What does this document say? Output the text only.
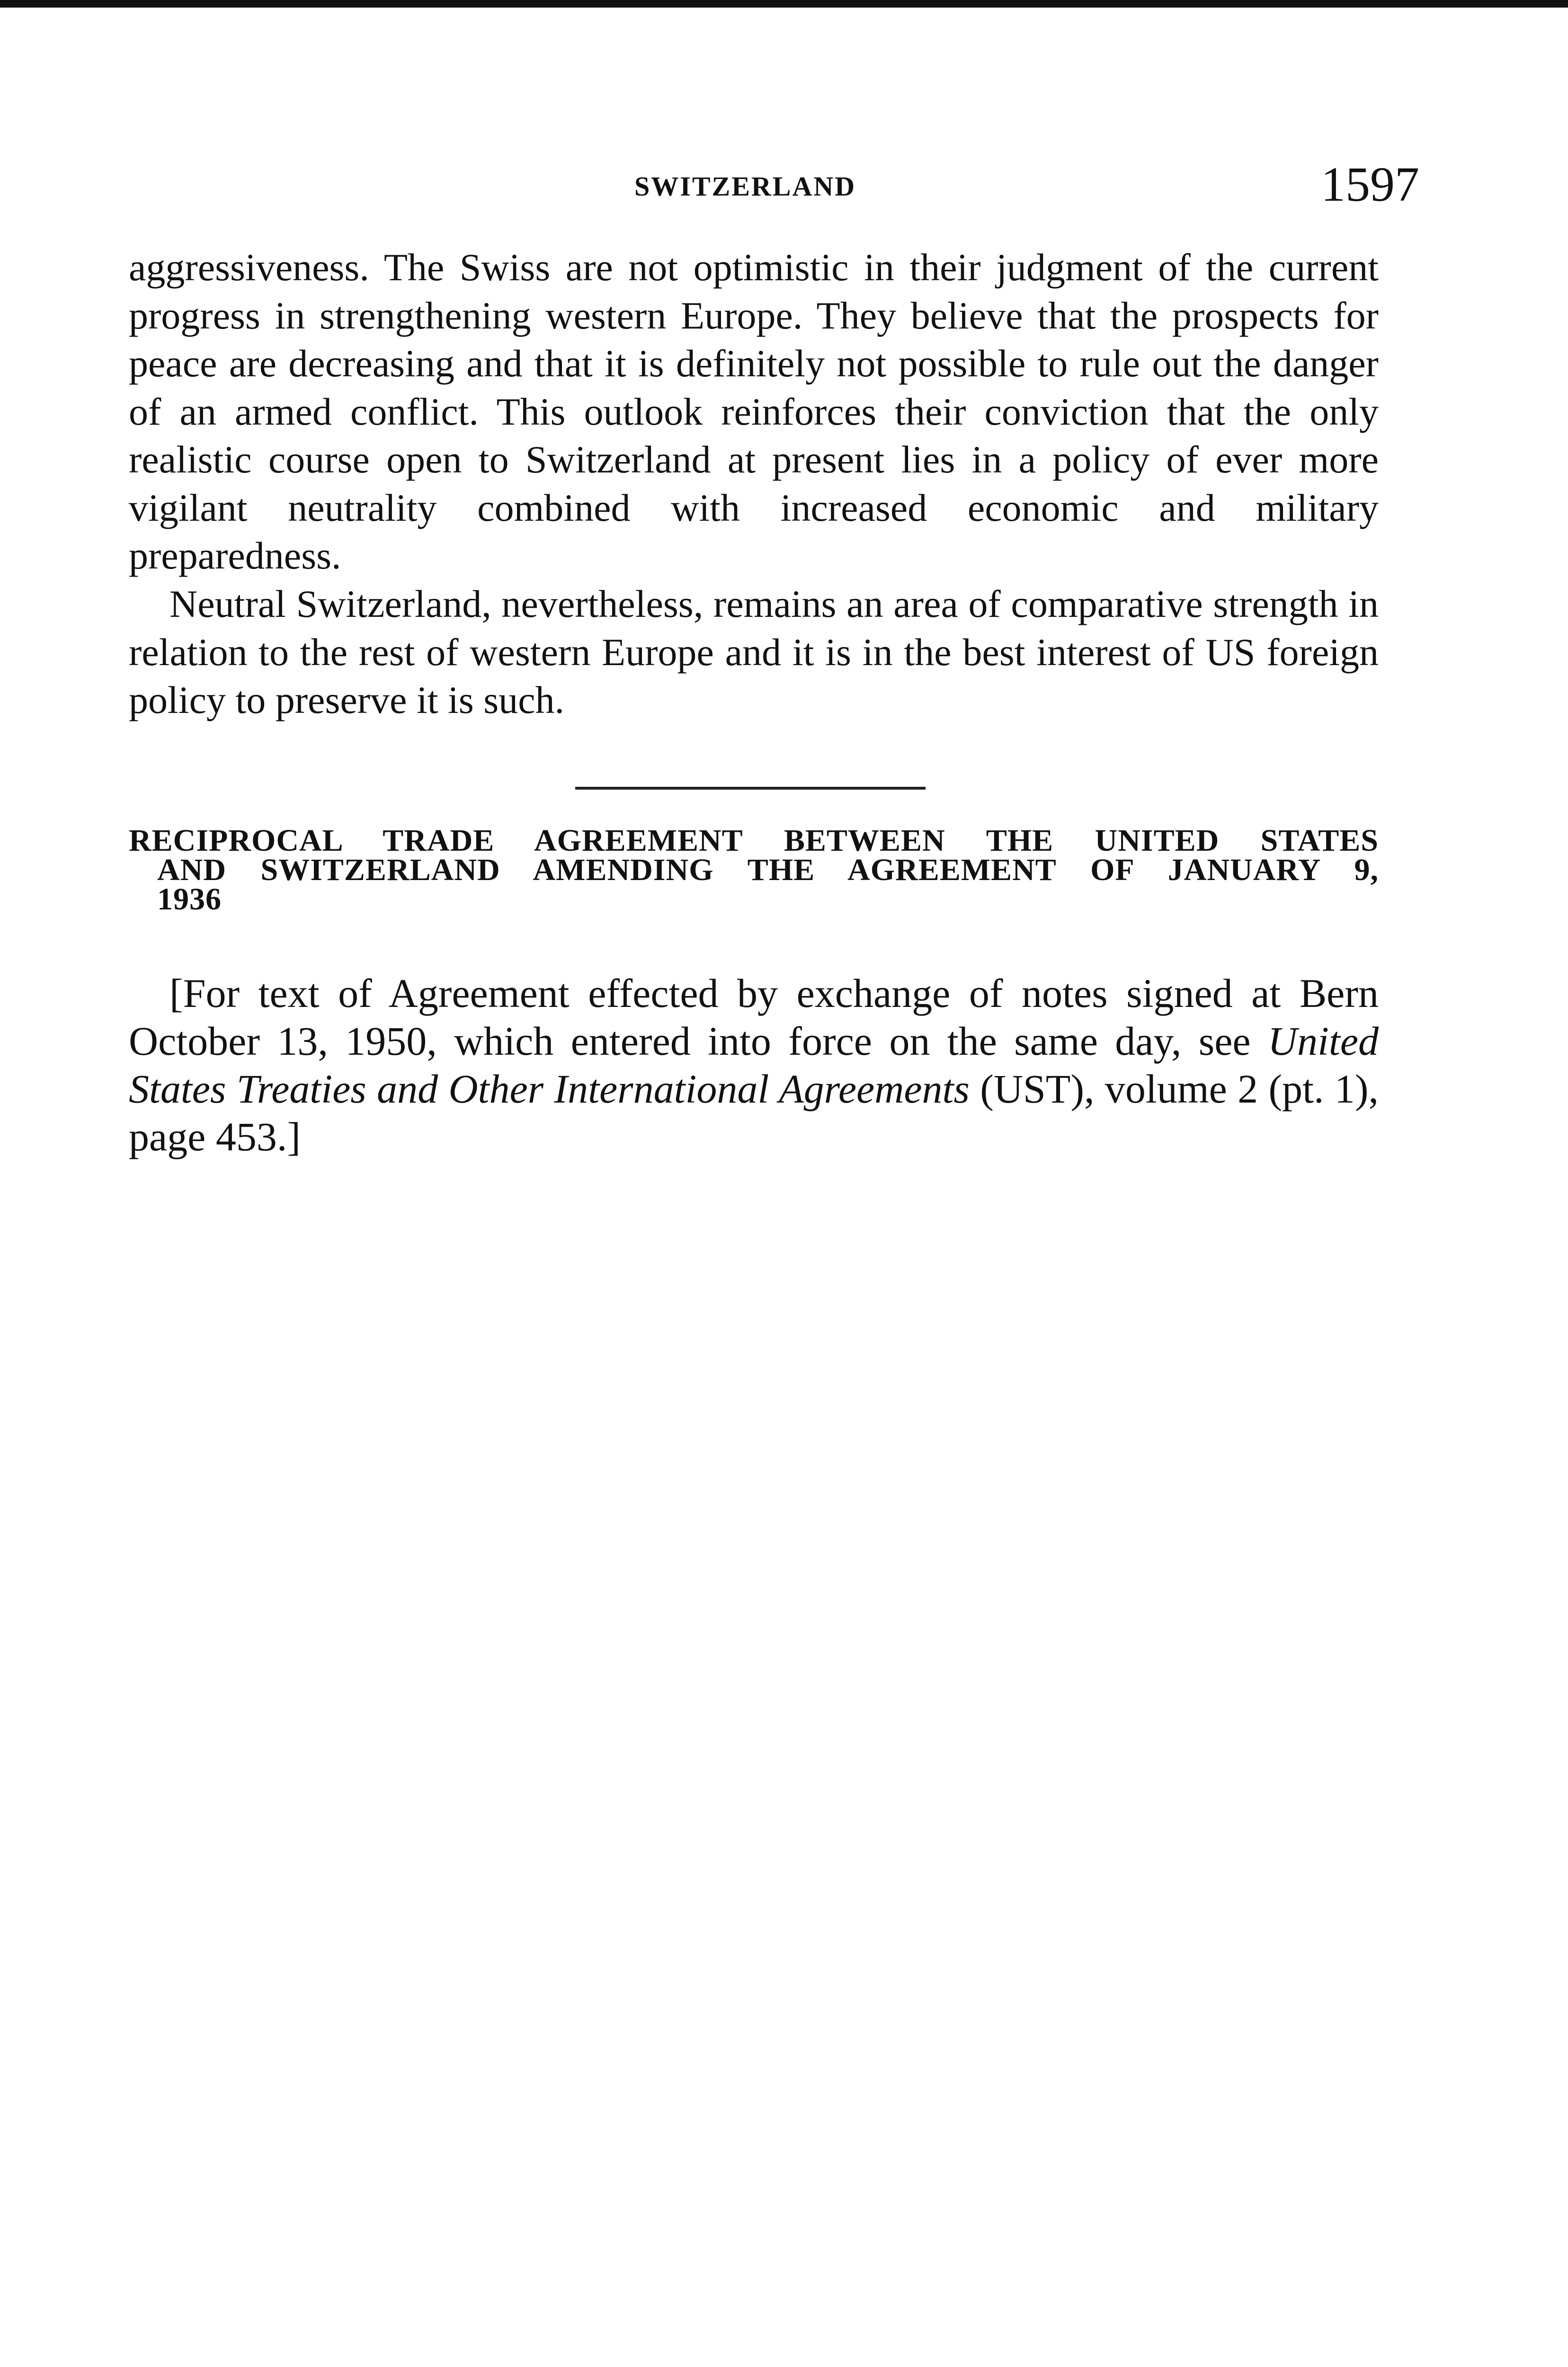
SWITZERLAND	1597

aggressiveness. The Swiss are not optimistic in their judgment of the current progress in strengthening western Europe. They believe that the prospects for peace are decreasing and that it is definitely not possible to rule out the danger of an armed conflict. This outlook reinforces their conviction that the only realistic course open to Switzerland at present lies in a policy of ever more vigilant neutrality combined with increased economic and military preparedness.

Neutral Switzerland, nevertheless, remains an area of comparative strength in relation to the rest of western Europe and it is in the best interest of US foreign policy to preserve it is such.

RECIPROCAL TRADE AGREEMENT BETWEEN THE UNITED STATES
AND SWITZERLAND AMENDING THE AGREEMENT OF JANUARY 9,
1936

[For text of Agreement effected by exchange of notes signed at Bern October 13, 1950, which entered into force on the same day, see United States Treaties and Other International Agreements (UST), volume 2 (pt. 1), page 453.]
